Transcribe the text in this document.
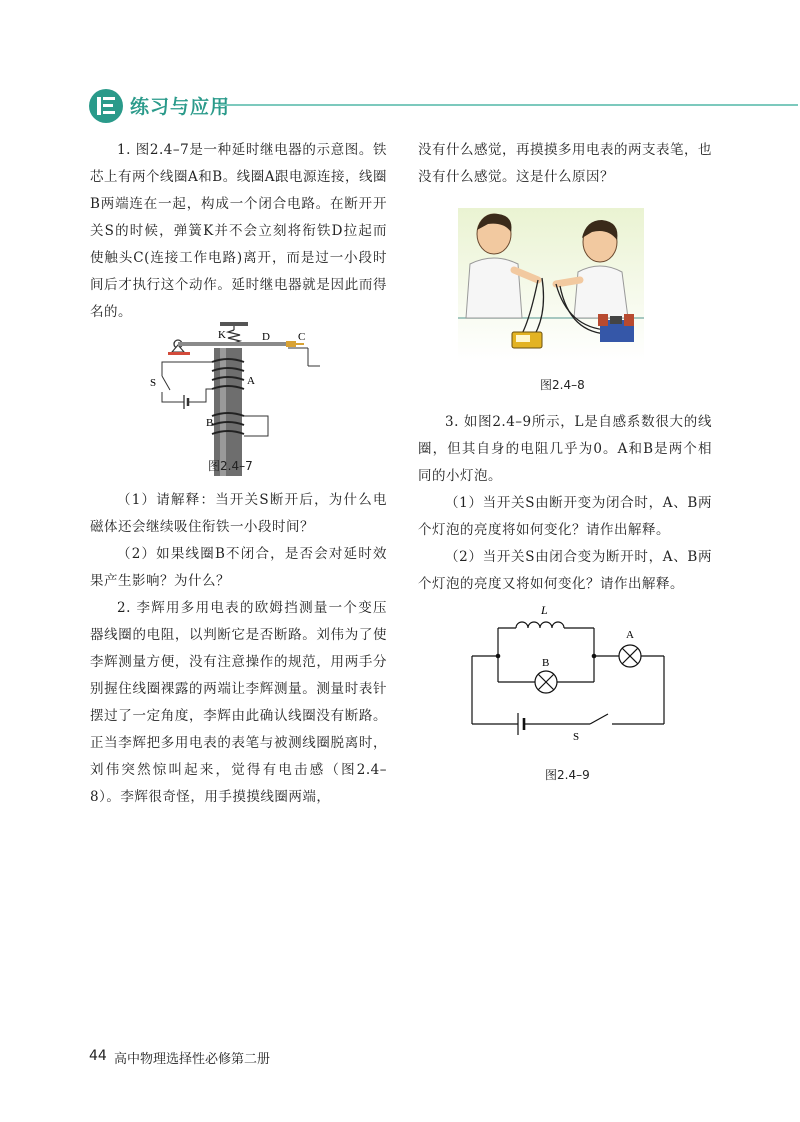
练习与应用

1. 图2.4–7是一种延时继电器的示意图。铁芯上有两个线圈A和B。线圈A跟电源连接，线圈B两端连在一起，构成一个闭合电路。在断开开关S的时候，弹簧K并不会立刻将衔铁D拉起而使触头C(连接工作电路)离开，而是过一小段时间后才执行这个动作。延时继电器就是因此而得名的。

K	D	C
A
S
B
图2.4–7

（1）请解释：当开关S断开后，为什么电磁体还会继续吸住衔铁一小段时间？

（2）如果线圈B不闭合，是否会对延时效果产生影响？为什么？

2. 李辉用多用电表的欧姆挡测量一个变压器线圈的电阻，以判断它是否断路。刘伟为了使李辉测量方便，没有注意操作的规范，用两手分别握住线圈裸露的两端让李辉测量。测量时表针摆过了一定角度，李辉由此确认线圈没有断路。正当李辉把多用电表的表笔与被测线圈脱离时，刘伟突然惊叫起来，觉得有电击感（图2.4–8）。李辉很奇怪，用手摸摸线圈两端，

没有什么感觉，再摸摸多用电表的两支表笔，也没有什么感觉。这是什么原因？

图2.4–8

3. 如图2.4–9所示，L是自感系数很大的线圈，但其自身的电阻几乎为0。A和B是两个相同的小灯泡。

（1）当开关S由断开变为闭合时，A、B两个灯泡的亮度将如何变化？请作出解释。

（2）当开关S由闭合变为断开时，A、B两个灯泡的亮度又将如何变化？请作出解释。

L
A
B
S
图2.4–9
44 高中物理选择性必修第二册
